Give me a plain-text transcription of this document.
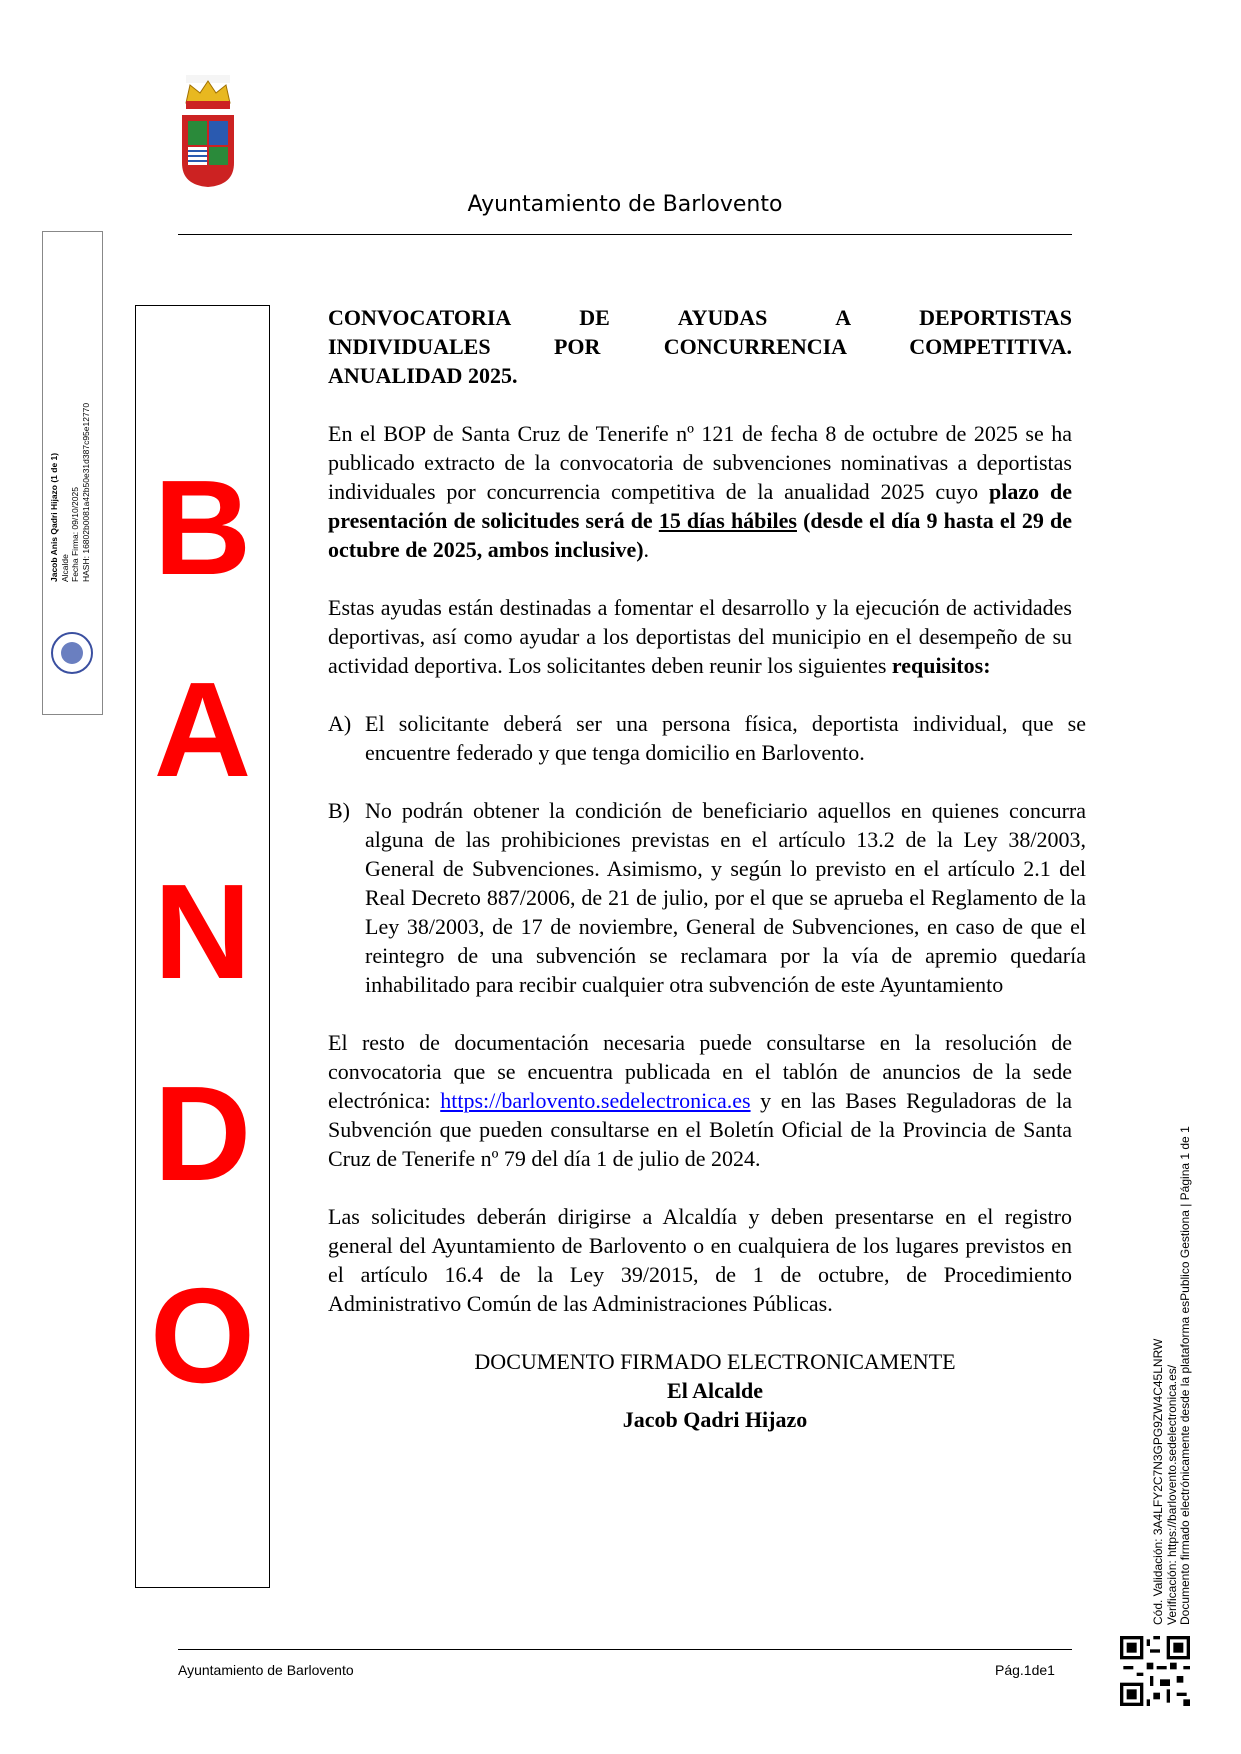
Ayuntamiento de Barlovento
Jacob Anis Qadri Hijazo (1 de 1) Alcalde Fecha Firma: 09/10/2025 HASH: 16802b0081a42b50e31d387c95e12770 B
A
N
D
O
CONVOCATORIA DE AYUDAS A DEPORTISTAS
INDIVIDUALES POR CONCURRENCIA COMPETITIVA.
ANUALIDAD 2025.

En el BOP de Santa Cruz de Tenerife nº 121 de fecha 8 de octubre de 2025 se ha publicado extracto de la convocatoria de subvenciones nominativas a deportistas individuales por concurrencia competitiva de la anualidad 2025 cuyo plazo de presentación de solicitudes será de 15 días hábiles (desde el día 9 hasta el 29 de octubre de 2025, ambos inclusive).

Estas ayudas están destinadas a fomentar el desarrollo y la ejecución de actividades deportivas, así como ayudar a los deportistas del municipio en el desempeño de su actividad deportiva. Los solicitantes deben reunir los siguientes requisitos:

A) El solicitante deberá ser una persona física, deportista individual, que se encuentre federado y que tenga domicilio en Barlovento.
B) No podrán obtener la condición de beneficiario aquellos en quienes concurra alguna de las prohibiciones previstas en el artículo 13.2 de la Ley 38/2003, General de Subvenciones. Asimismo, y según lo previsto en el artículo 2.1 del Real Decreto 887/2006, de 21 de julio, por el que se aprueba el Reglamento de la Ley 38/2003, de 17 de noviembre, General de Subvenciones, en caso de que el reintegro de una subvención se reclamara por la vía de apremio quedaría inhabilitado para recibir cualquier otra subvención de este Ayuntamiento

El resto de documentación necesaria puede consultarse en la resolución de convocatoria que se encuentra publicada en el tablón de anuncios de la sede electrónica: https://barlovento.sedelectronica.es y en las Bases Reguladoras de la Subvención que pueden consultarse en el Boletín Oficial de la Provincia de Santa Cruz de Tenerife nº 79 del día 1 de julio de 2024.

Las solicitudes deberán dirigirse a Alcaldía y deben presentarse en el registro general del Ayuntamiento de Barlovento o en cualquiera de los lugares previstos en el artículo 16.4 de la Ley 39/2015, de 1 de octubre, de Procedimiento Administrativo Común de las Administraciones Públicas.

DOCUMENTO FIRMADO ELECTRONICAMENTE
El Alcalde
Jacob Qadri Hijazo	Cód. Validación: 3A4LFY2C7N3GPG9ZW4C45LNRW Verificación: https://barlovento.sedelectronica.es/ Documento firmado electrónicamente desde la plataforma esPublico Gestiona | Página 1 de 1
Ayuntamiento de Barlovento	Pág.1de1
